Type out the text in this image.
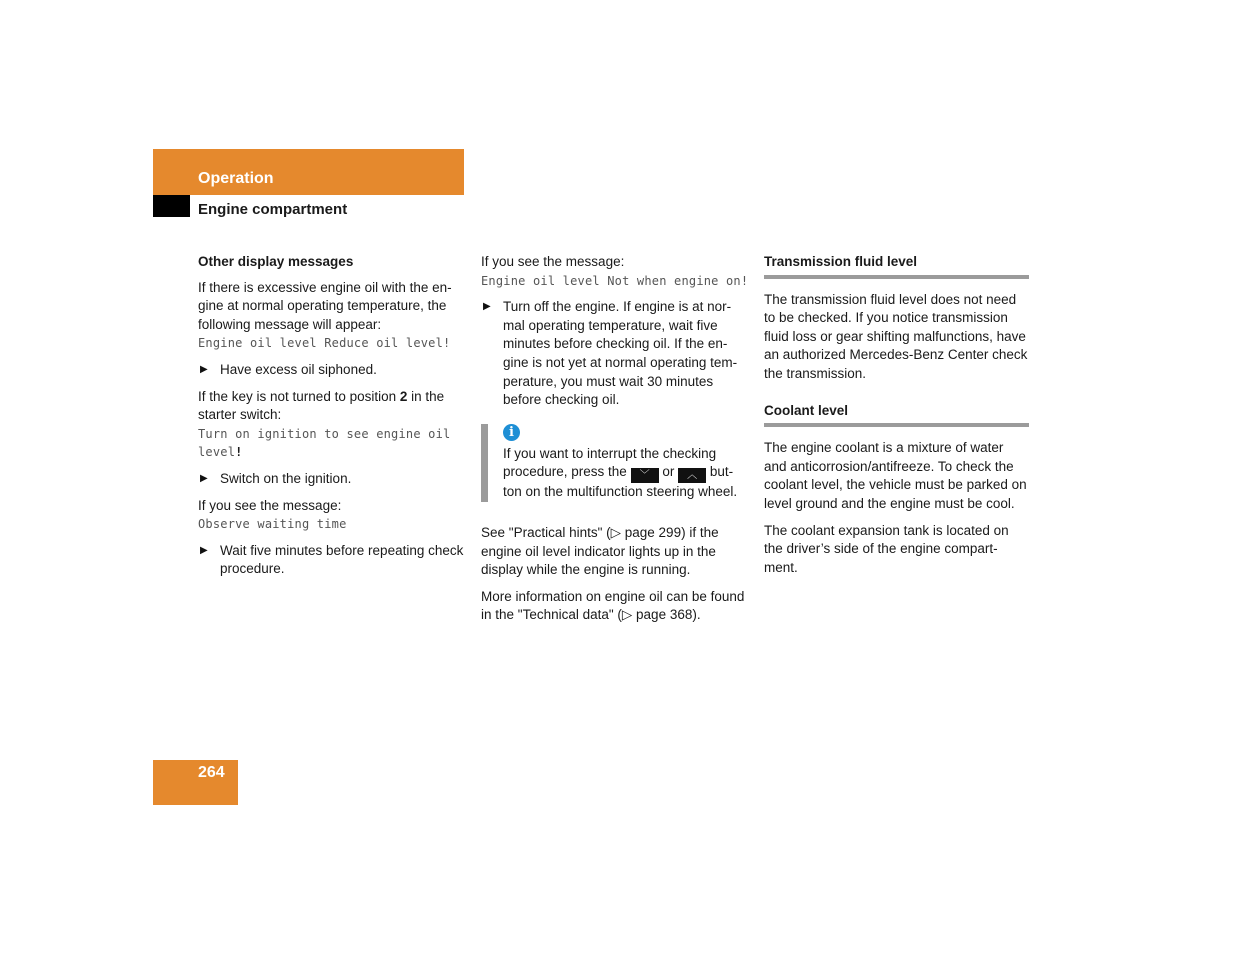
Operation
Engine compartment
Other display messages

If there is excessive engine oil with the en-gine at normal operating temperature, the following message will appear:
Engine oil level Reduce oil level!

▶ Have excess oil siphoned.

If the key is not turned to position 2 in the starter switch:
Turn on ignition to see engine oil level!

▶ Switch on the ignition.

If you see the message:
Observe waiting time

▶ Wait five minutes before repeating check procedure.

If you see the message:
Engine oil level Not when engine on!

▶ Turn off the engine. If engine is at nor-mal operating temperature, wait five minutes before checking oil. If the en-gine is not yet at normal operating tem-perature, you must wait 30 minutes before checking oil.
i
If you want to interrupt the checking procedure, press the ﹀ or ︿ but-ton on the multifunction steering wheel.

See "Practical hints" (▷ page 299) if the engine oil level indicator lights up in the display while the engine is running.

More information on engine oil can be found in the "Technical data" (▷ page 368).

Transmission fluid level

The transmission fluid level does not need to be checked. If you notice transmission fluid loss or gear shifting malfunctions, have an authorized Mercedes-Benz Center check the transmission.

Coolant level

The engine coolant is a mixture of water and anticorrosion/antifreeze. To check the coolant level, the vehicle must be parked on level ground and the engine must be cool.

The coolant expansion tank is located on the driver’s side of the engine compart-ment.

264
